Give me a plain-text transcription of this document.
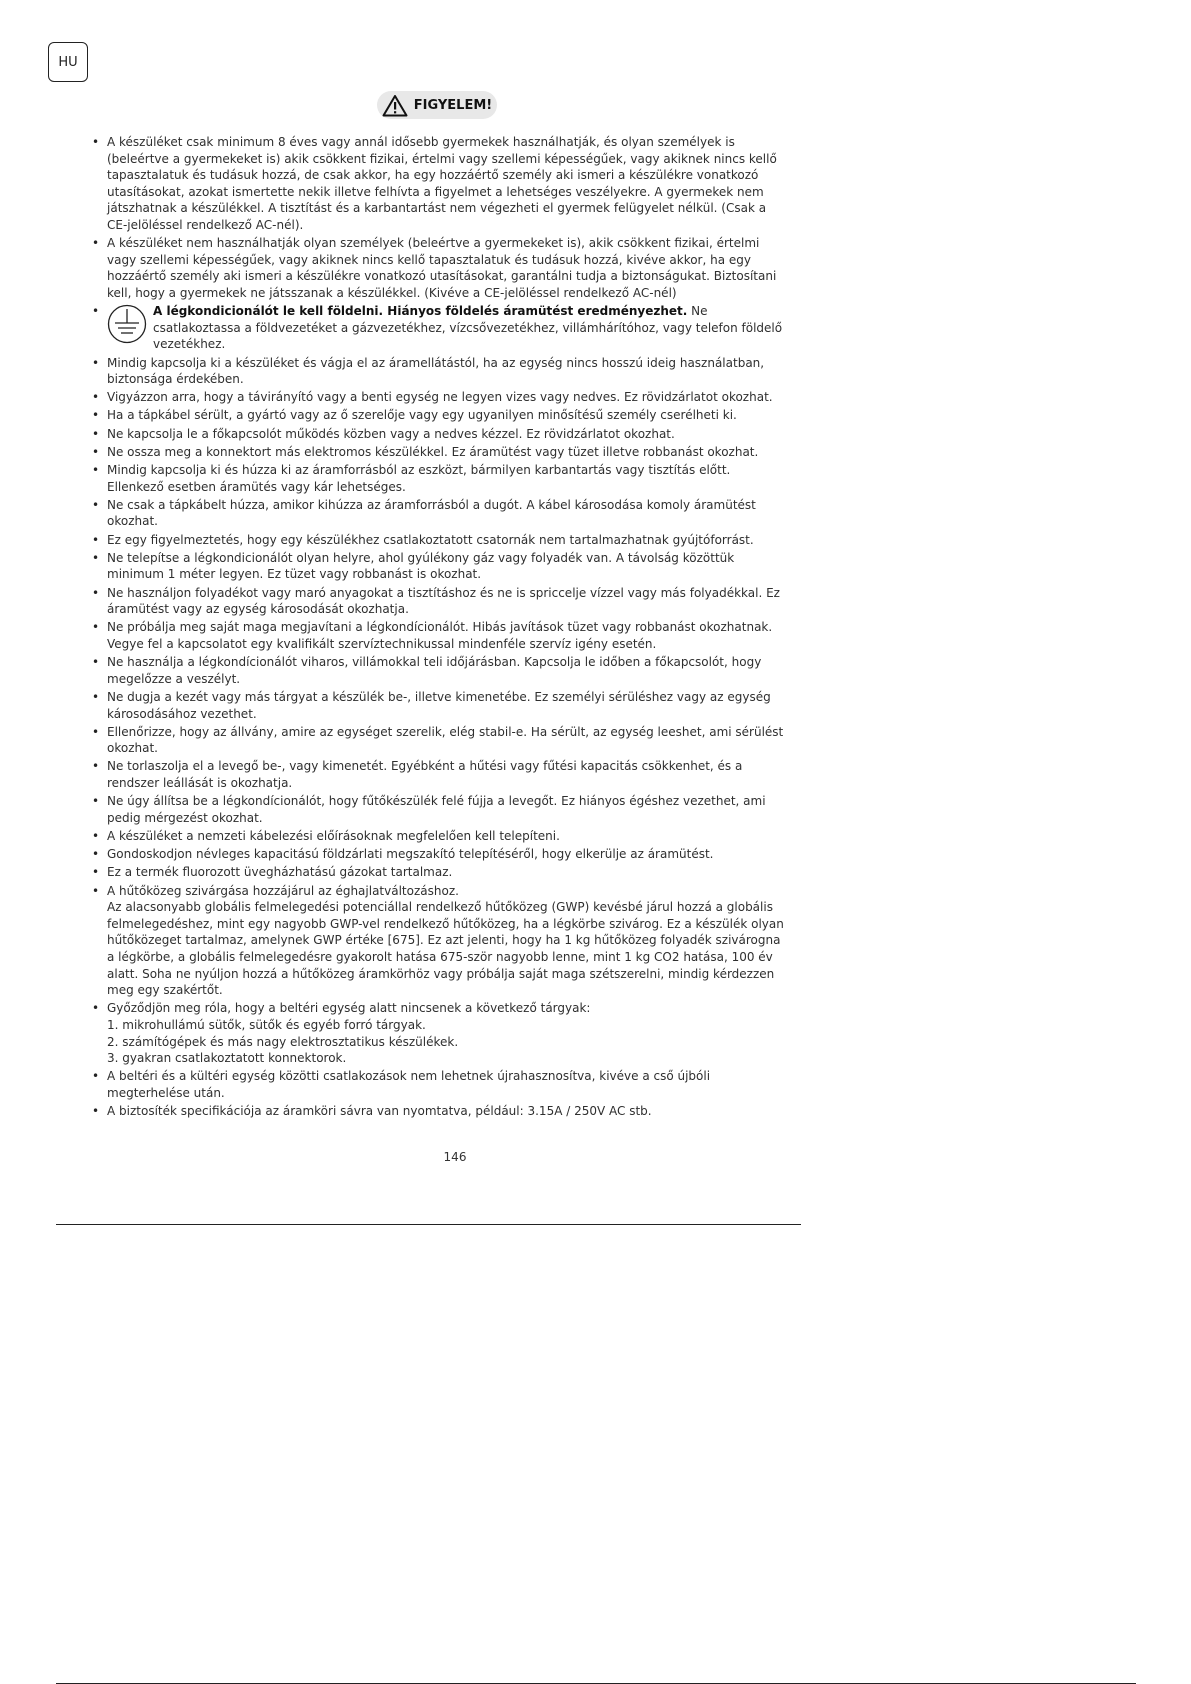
HU
FIGYELEM!
• A készüléket csak minimum 8 éves vagy annál idősebb gyermekek használhatják, és olyan személyek is (beleértve a gyermekeket is) akik csökkent fizikai, értelmi vagy szellemi képességűek, vagy akiknek nincs kellő tapasztalatuk és tudásuk hozzá, de csak akkor, ha egy hozzáértő személy aki ismeri a készülékre vonatkozó utasításokat, azokat ismertette nekik illetve felhívta a figyelmet a lehetséges veszélyekre. A gyermekek nem játszhatnak a készülékkel. A tisztítást és a karbantartást nem végezheti el gyermek felügyelet nélkül. (Csak a CE-jelöléssel rendelkező AC-nél).
• A készüléket nem használhatják olyan személyek (beleértve a gyermekeket is), akik csökkent fizikai, értelmi vagy szellemi képességűek, vagy akiknek nincs kellő tapasztalatuk és tudásuk hozzá, kivéve akkor, ha egy hozzáértő személy aki ismeri a készülékre vonatkozó utasításokat, garantálni tudja a biztonságukat. Biztosítani kell, hogy a gyermekek ne játsszanak a készülékkel. (Kivéve a CE-jelöléssel rendelkező AC-nél)
• A légkondicionálót le kell földelni. Hiányos földelés áramütést eredményezhet. Ne csatlakoztassa a földvezetéket a gázvezetékhez, vízcsővezetékhez, villámhárítóhoz, vagy telefon földelő vezetékhez.
• Mindig kapcsolja ki a készüléket és vágja el az áramellátástól, ha az egység nincs hosszú ideig használatban, biztonsága érdekében.
• Vigyázzon arra, hogy a távirányító vagy a benti egység ne legyen vizes vagy nedves. Ez rövidzárlatot okozhat.
• Ha a tápkábel sérült, a gyártó vagy az ő szerelője vagy egy ugyanilyen minősítésű személy cserélheti ki.
• Ne kapcsolja le a főkapcsolót működés közben vagy a nedves kézzel. Ez rövidzárlatot okozhat.
• Ne ossza meg a konnektort más elektromos készülékkel. Ez áramütést vagy tüzet illetve robbanást okozhat.
• Mindig kapcsolja ki és húzza ki az áramforrásból az eszközt, bármilyen karbantartás vagy tisztítás előtt. Ellenkező esetben áramütés vagy kár lehetséges.
• Ne csak a tápkábelt húzza, amikor kihúzza az áramforrásból a dugót. A kábel károsodása komoly áramütést okozhat.
• Ez egy figyelmeztetés, hogy egy készülékhez csatlakoztatott csatornák nem tartalmazhatnak gyújtóforrást.
• Ne telepítse a légkondicionálót olyan helyre, ahol gyúlékony gáz vagy folyadék van. A távolság közöttük minimum 1 méter legyen. Ez tüzet vagy robbanást is okozhat.
• Ne használjon folyadékot vagy maró anyagokat a tisztításhoz és ne is spriccelje vízzel vagy más folyadékkal. Ez áramütést vagy az egység károsodását okozhatja.
• Ne próbálja meg saját maga megjavítani a légkondícionálót. Hibás javítások tüzet vagy robbanást okozhatnak. Vegye fel a kapcsolatot egy kvalifikált szervíztechnikussal mindenféle szervíz igény esetén.
• Ne használja a légkondícionálót viharos, villámokkal teli időjárásban. Kapcsolja le időben a főkapcsolót, hogy megelőzze a veszélyt.
• Ne dugja a kezét vagy más tárgyat a készülék be-, illetve kimenetébe. Ez személyi sérüléshez vagy az egység károsodásához vezethet.
• Ellenőrizze, hogy az állvány, amire az egységet szerelik, elég stabil-e. Ha sérült, az egység leeshet, ami sérülést okozhat.
• Ne torlaszolja el a levegő be-, vagy kimenetét. Egyébként a hűtési vagy fűtési kapacitás csökkenhet, és a rendszer leállását is okozhatja.
• Ne úgy állítsa be a légkondícionálót, hogy fűtőkészülék felé fújja a levegőt. Ez hiányos égéshez vezethet, ami pedig mérgezést okozhat.
• A készüléket a nemzeti kábelezési előírásoknak megfelelően kell telepíteni.
• Gondoskodjon névleges kapacitású földzárlati megszakító telepítéséről, hogy elkerülje az áramütést.
• Ez a termék fluorozott üvegházhatású gázokat tartalmaz.
• A hűtőközeg szivárgása hozzájárul az éghajlatváltozáshoz.
Az alacsonyabb globális felmelegedési potenciállal rendelkező hűtőközeg (GWP) kevésbé járul hozzá a globális felmelegedéshez, mint egy nagyobb GWP-vel rendelkező hűtőközeg, ha a légkörbe szivárog. Ez a készülék olyan hűtőközeget tartalmaz, amelynek GWP értéke [675]. Ez azt jelenti, hogy ha 1 kg hűtőközeg folyadék szivárogna a légkörbe, a globális felmelegedésre gyakorolt hatása 675-ször nagyobb lenne, mint 1 kg CO2 hatása, 100 év alatt. Soha ne nyúljon hozzá a hűtőközeg áramkörhöz vagy próbálja saját maga szétszerelni, mindig kérdezzen meg egy szakértőt.
• Győződjön meg róla, hogy a beltéri egység alatt nincsenek a következő tárgyak:
1. mikrohullámú sütők, sütők és egyéb forró tárgyak.
2. számítógépek és más nagy elektrosztatikus készülékek.
3. gyakran csatlakoztatott konnektorok.
• A beltéri és a kültéri egység közötti csatlakozások nem lehetnek újrahasznosítva, kivéve a cső újbóli megterhelése után.
• A biztosíték specifikációja az áramköri sávra van nyomtatva, például: 3.15A / 250V AC stb.
146
